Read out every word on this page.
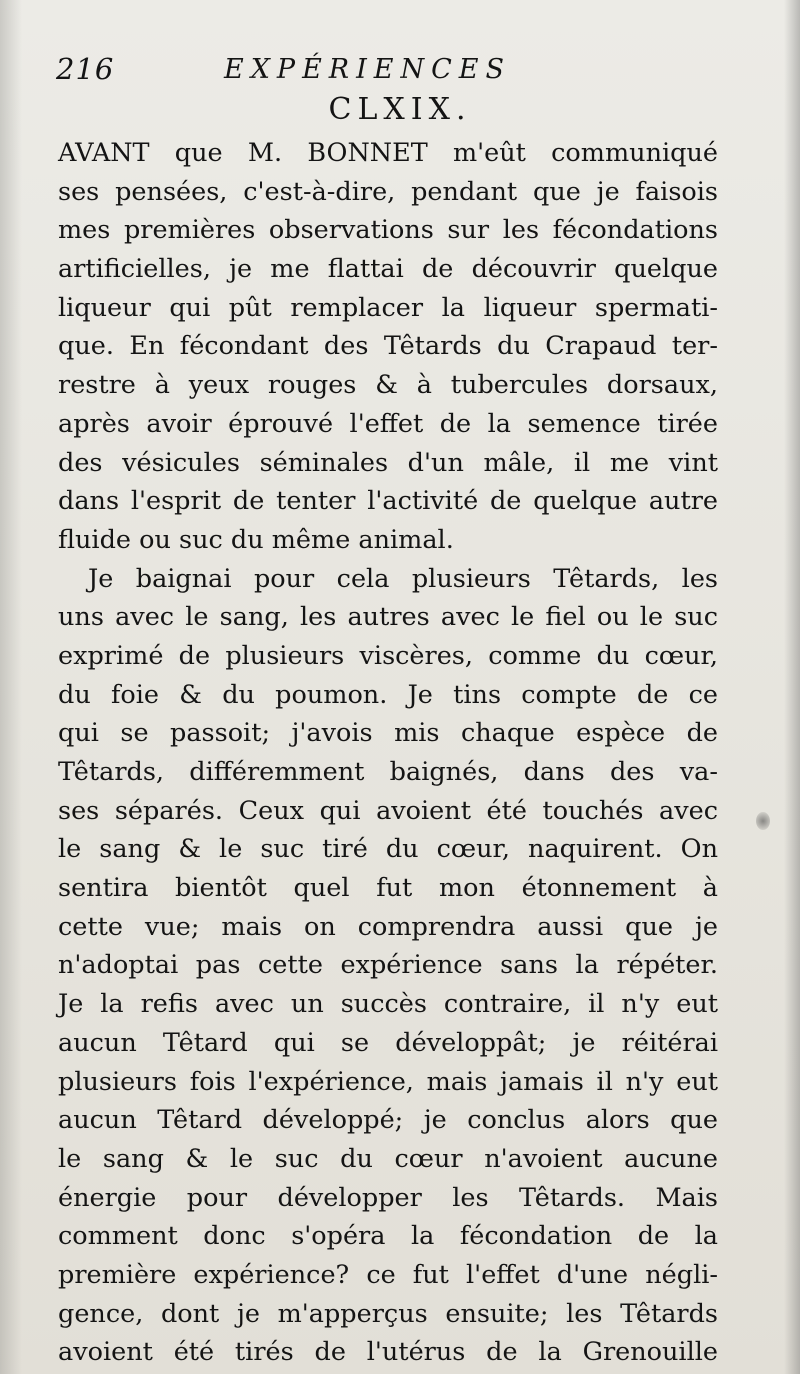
216	EXPÉRIENCES
CLXIX.
AVANT que M. BONNET m'eût communiqué
ses pensées, c'est-à-dire, pendant que je faisois
mes premières observations sur les fécondations
artificielles, je me flattai de découvrir quelque
liqueur qui pût remplacer la liqueur spermati-
que. En fécondant des Têtards du Crapaud ter-
restre à yeux rouges & à tubercules dorsaux,
après avoir éprouvé l'effet de la semence tirée
des vésicules séminales d'un mâle, il me vint
dans l'esprit de tenter l'activité de quelque autre
fluide ou suc du même animal.
Je baignai pour cela plusieurs Têtards, les
uns avec le sang, les autres avec le fiel ou le suc
exprimé de plusieurs viscères, comme du cœur,
du foie & du poumon. Je tins compte de ce
qui se passoit; j'avois mis chaque espèce de
Têtards, différemment baignés, dans des va-
ses séparés. Ceux qui avoient été touchés avec
le sang & le suc tiré du cœur, naquirent. On
sentira bientôt quel fut mon étonnement à
cette vue; mais on comprendra aussi que je
n'adoptai pas cette expérience sans la répéter.
Je la refis avec un succès contraire, il n'y eut
aucun Têtard qui se développât; je réitérai
plusieurs fois l'expérience, mais jamais il n'y eut
aucun Têtard développé; je conclus alors que
le sang & le suc du cœur n'avoient aucune
énergie pour développer les Têtards. Mais
comment donc s'opéra la fécondation de la
première expérience? ce fut l'effet d'une négli-
gence, dont je m'apperçus ensuite; les Têtards
avoient été tirés de l'utérus de la Grenouille
